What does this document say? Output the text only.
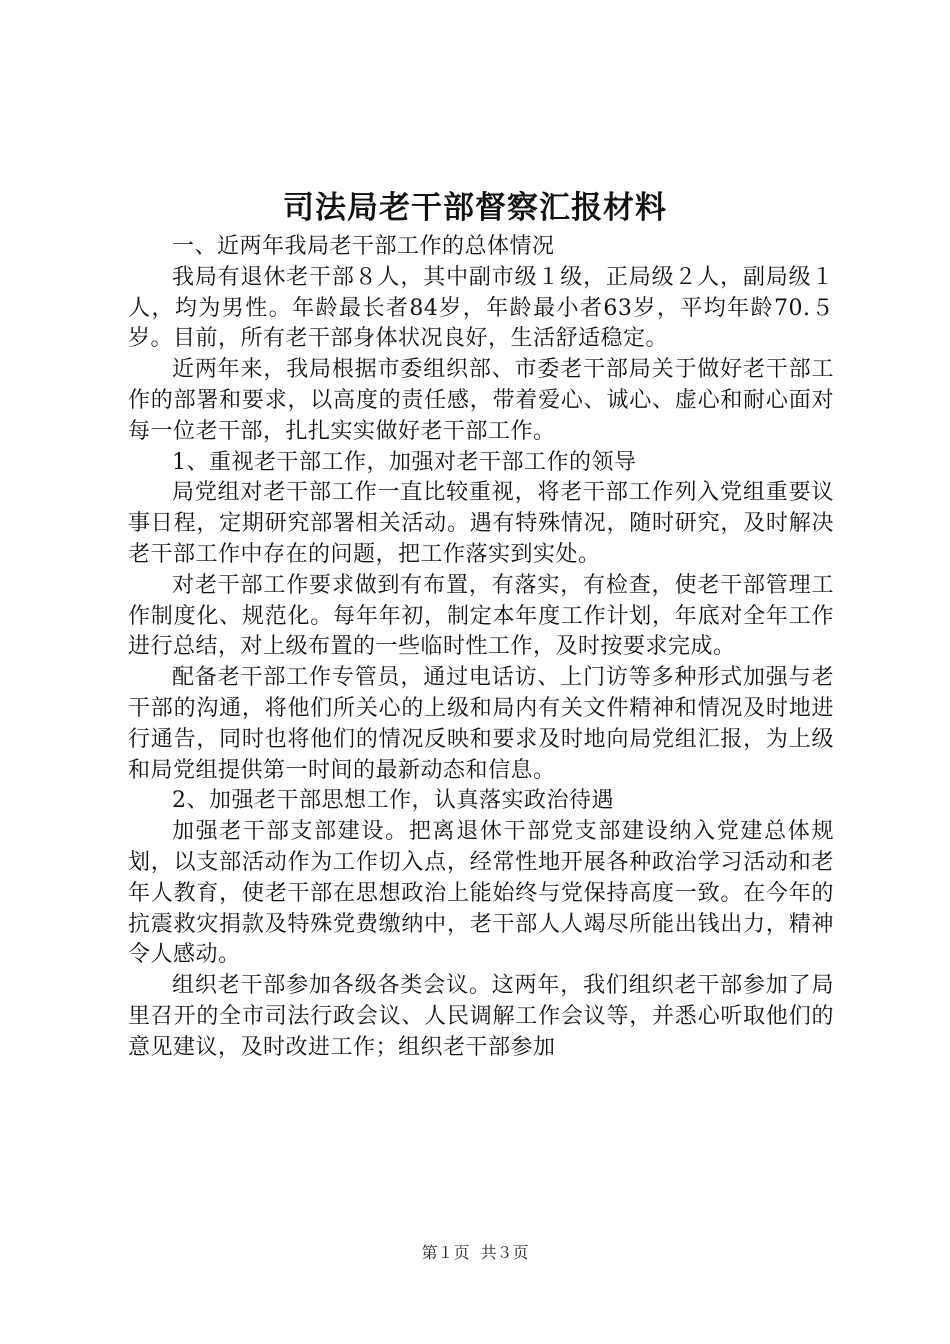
司法局老干部督察汇报材料

一、近两年我局老干部工作的总体情况

我局有退休老干部８人，其中副市级１级，正局级２人，副局级１人，均为男性。年龄最长者84岁，年龄最小者63岁，平均年龄70.５岁。目前，所有老干部身体状况良好，生活舒适稳定。

近两年来，我局根据市委组织部、市委老干部局关于做好老干部工作的部署和要求，以高度的责任感，带着爱心、诚心、虚心和耐心面对每一位老干部，扎扎实实做好老干部工作。

1、重视老干部工作，加强对老干部工作的领导

局党组对老干部工作一直比较重视，将老干部工作列入党组重要议事日程，定期研究部署相关活动。遇有特殊情况，随时研究，及时解决老干部工作中存在的问题，把工作落实到实处。

对老干部工作要求做到有布置，有落实，有检查，使老干部管理工作制度化、规范化。每年年初，制定本年度工作计划，年底对全年工作进行总结，对上级布置的一些临时性工作，及时按要求完成。

配备老干部工作专管员，通过电话访、上门访等多种形式加强与老干部的沟通，将他们所关心的上级和局内有关文件精神和情况及时地进行通告，同时也将他们的情况反映和要求及时地向局党组汇报，为上级和局党组提供第一时间的最新动态和信息。

2、加强老干部思想工作，认真落实政治待遇

加强老干部支部建设。把离退休干部党支部建设纳入党建总体规划，以支部活动作为工作切入点，经常性地开展各种政治学习活动和老年人教育，使老干部在思想政治上能始终与党保持高度一致。在今年的抗震救灾捐款及特殊党费缴纳中，老干部人人竭尽所能出钱出力，精神令人感动。

组织老干部参加各级各类会议。这两年，我们组织老干部参加了局里召开的全市司法行政会议、人民调解工作会议等，并悉心听取他们的意见建议，及时改进工作；组织老干部参加

第１页 共３页
